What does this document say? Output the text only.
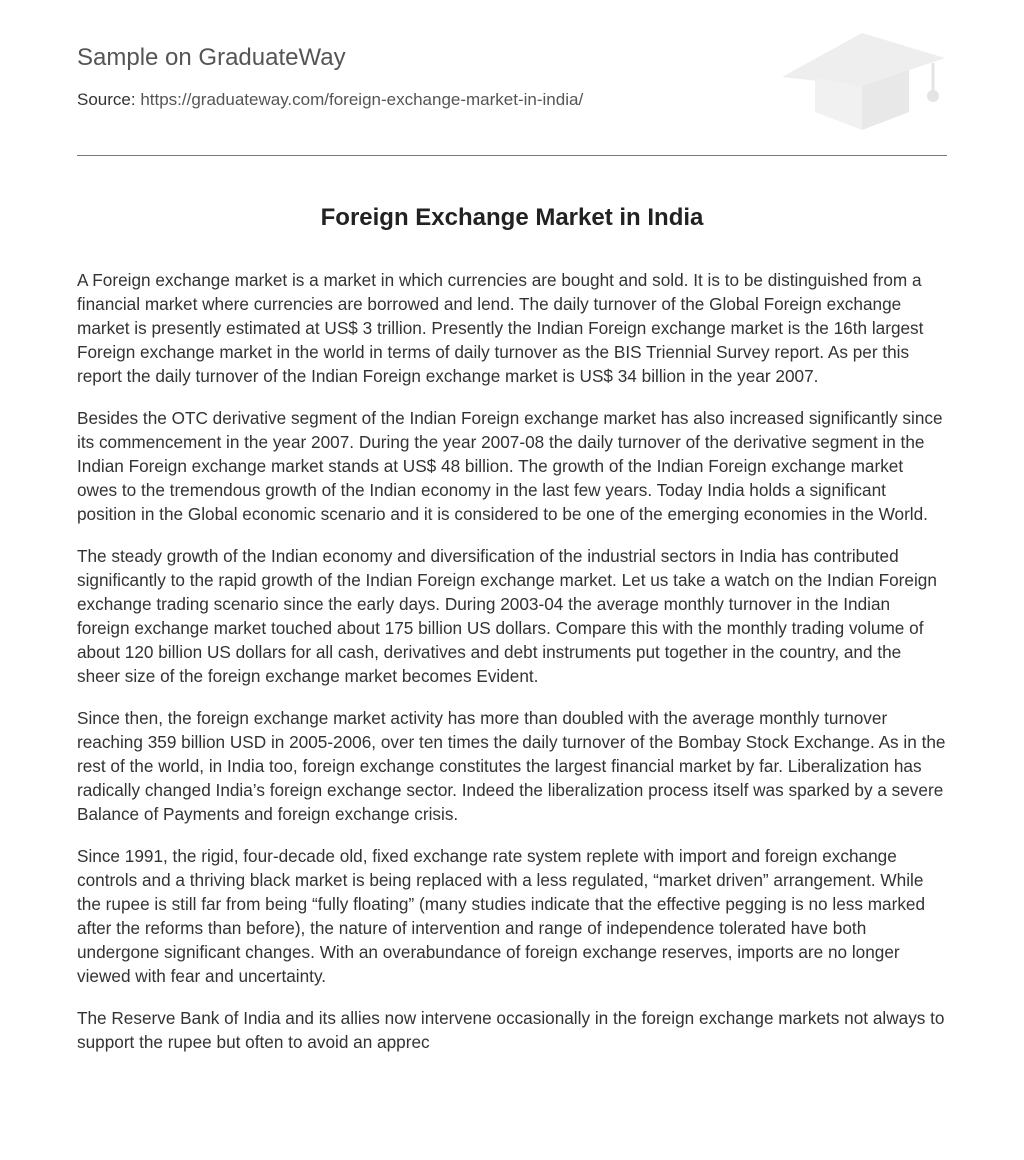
Sample on GraduateWay
Source: https://graduateway.com/foreign-exchange-market-in-india/
Foreign Exchange Market in India

A Foreign exchange market is a market in which currencies are bought and sold. It is to be distinguished from a financial market where currencies are borrowed and lend. The daily turnover of the Global Foreign exchange market is presently estimated at US$ 3 trillion. Presently the Indian Foreign exchange market is the 16th largest Foreign exchange market in the world in terms of daily turnover as the BIS Triennial Survey report. As per this report the daily turnover of the Indian Foreign exchange market is US$ 34 billion in the year 2007.

Besides the OTC derivative segment of the Indian Foreign exchange market has also increased significantly since its commencement in the year 2007. During the year 2007-08 the daily turnover of the derivative segment in the Indian Foreign exchange market stands at US$ 48 billion. The growth of the Indian Foreign exchange market owes to the tremendous growth of the Indian economy in the last few years. Today India holds a significant position in the Global economic scenario and it is considered to be one of the emerging economies in the World.

The steady growth of the Indian economy and diversification of the industrial sectors in India has contributed significantly to the rapid growth of the Indian Foreign exchange market. Let us take a watch on the Indian Foreign exchange trading scenario since the early days. During 2003-04 the average monthly turnover in the Indian foreign exchange market touched about 175 billion US dollars. Compare this with the monthly trading volume of about 120 billion US dollars for all cash, derivatives and debt instruments put together in the country, and the sheer size of the foreign exchange market becomes Evident.

Since then, the foreign exchange market activity has more than doubled with the average monthly turnover reaching 359 billion USD in 2005-2006, over ten times the daily turnover of the Bombay Stock Exchange. As in the rest of the world, in India too, foreign exchange constitutes the largest financial market by far. Liberalization has radically changed India’s foreign exchange sector. Indeed the liberalization process itself was sparked by a severe Balance of Payments and foreign exchange crisis.

Since 1991, the rigid, four-decade old, fixed exchange rate system replete with import and foreign exchange controls and a thriving black market is being replaced with a less regulated, “market driven” arrangement. While the rupee is still far from being “fully floating” (many studies indicate that the effective pegging is no less marked after the reforms than before), the nature of intervention and range of independence tolerated have both undergone significant changes. With an overabundance of foreign exchange reserves, imports are no longer viewed with fear and uncertainty.

The Reserve Bank of India and its allies now intervene occasionally in the foreign exchange markets not always to support the rupee but often to avoid an apprec
